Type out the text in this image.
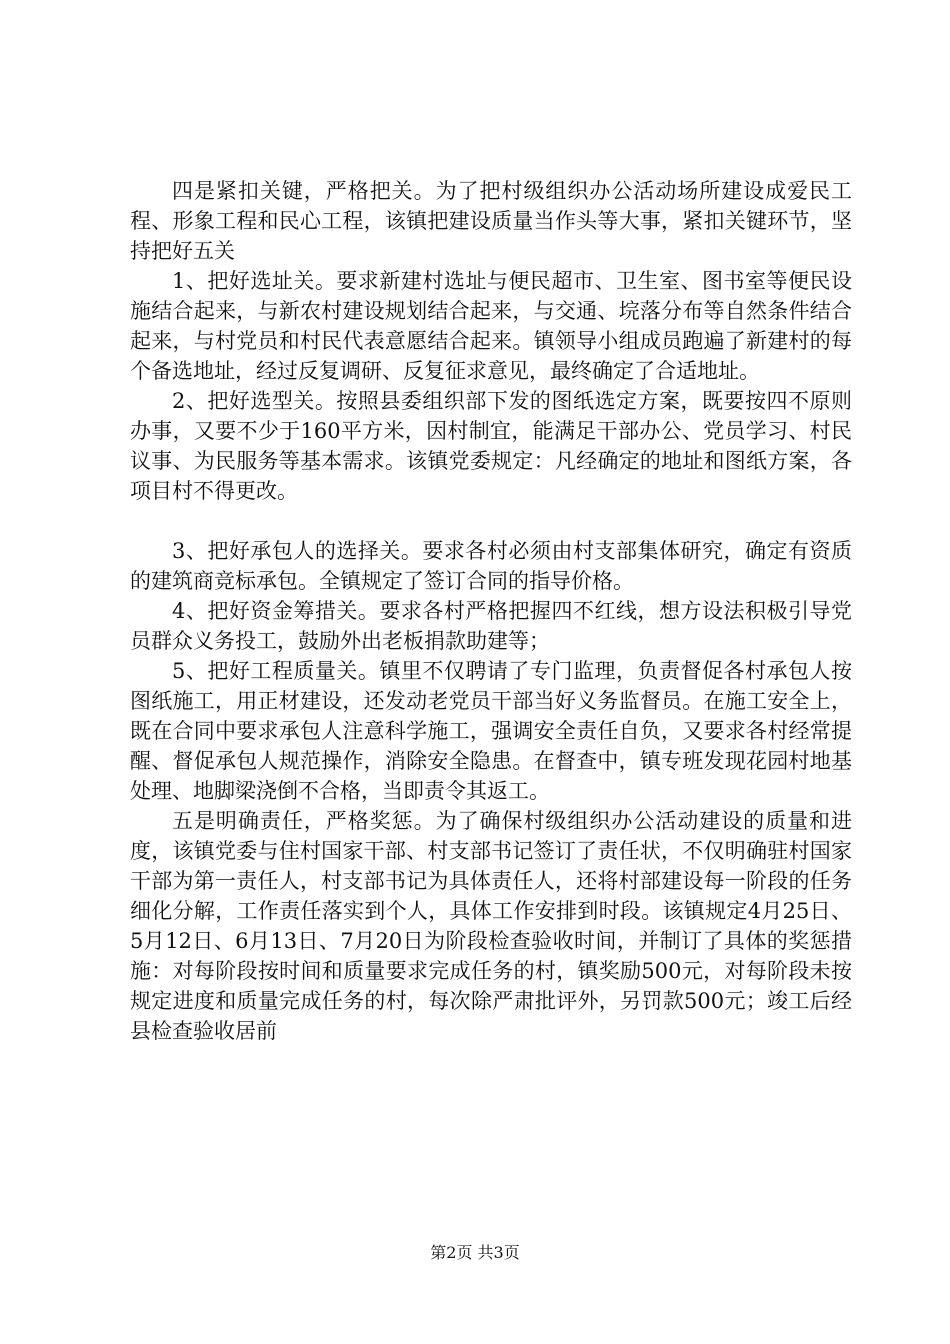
四是紧扣关键，严格把关。为了把村级组织办公活动场所建设成爱民工程、形象工程和民心工程，该镇把建设质量当作头等大事，紧扣关键环节，坚持把好五关

1、把好选址关。要求新建村选址与便民超市、卫生室、图书室等便民设施结合起来，与新农村建设规划结合起来，与交通、垸落分布等自然条件结合起来，与村党员和村民代表意愿结合起来。镇领导小组成员跑遍了新建村的每个备选地址，经过反复调研、反复征求意见，最终确定了合适地址。

2、把好选型关。按照县委组织部下发的图纸选定方案，既要按四不原则办事，又要不少于160平方米，因村制宜，能满足干部办公、党员学习、村民议事、为民服务等基本需求。该镇党委规定：凡经确定的地址和图纸方案，各项目村不得更改。

3、把好承包人的选择关。要求各村必须由村支部集体研究，确定有资质的建筑商竞标承包。全镇规定了签订合同的指导价格。

4、把好资金筹措关。要求各村严格把握四不红线，想方设法积极引导党员群众义务投工，鼓励外出老板捐款助建等；

5、把好工程质量关。镇里不仅聘请了专门监理，负责督促各村承包人按图纸施工，用正材建设，还发动老党员干部当好义务监督员。在施工安全上，既在合同中要求承包人注意科学施工，强调安全责任自负，又要求各村经常提醒、督促承包人规范操作，消除安全隐患。在督查中，镇专班发现花园村地基处理、地脚梁浇倒不合格，当即责令其返工。

五是明确责任，严格奖惩。为了确保村级组织办公活动建设的质量和进度，该镇党委与住村国家干部、村支部书记签订了责任状，不仅明确驻村国家干部为第一责任人，村支部书记为具体责任人，还将村部建设每一阶段的任务细化分解，工作责任落实到个人，具体工作安排到时段。该镇规定4月25日、5月12日、6月13日、7月20日为阶段检查验收时间，并制订了具体的奖惩措施：对每阶段按时间和质量要求完成任务的村，镇奖励500元，对每阶段未按规定进度和质量完成任务的村，每次除严肃批评外，另罚款500元；竣工后经县检查验收居前

第2页 共3页
